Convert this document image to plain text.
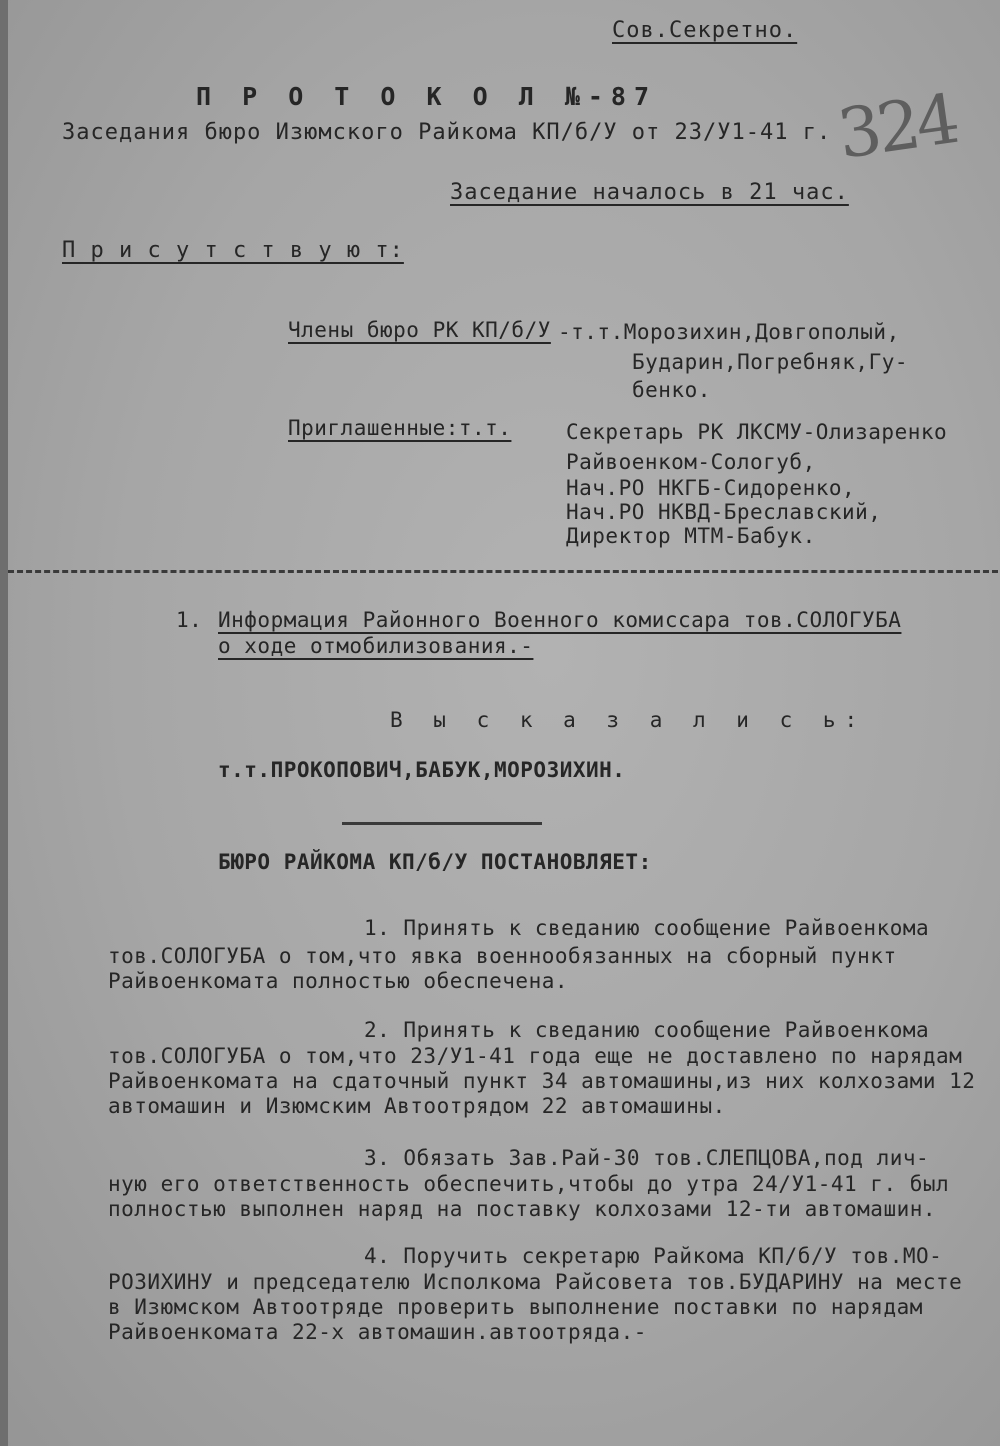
Сов.Секретно.
324
П Р О Т О К О Л №-87
Заседания бюро Изюмского Райкома КП/б/У от 23/У1-41 г.
Заседание началось в 21 час.
П р и с у т с т в у ю т:
Члены бюро РК КП/б/У -т.т.Морозихин,Довгополый,
Бударин,Погребняк,Гу-
бенко.
Приглашенные:т.т.	Секретарь РК ЛКСМУ-Олизаренко
Райвоенком-Сологуб,
Нач.РО НКГБ-Сидоренко,
Нач.РО НКВД-Бреславский,
Директор МТМ-Бабук.
1. Информация Районного Военного комиссара тов.СОЛОГУБА
о ходе отмобилизования.-
В ы с к а з а л и с ь:
т.т.ПРОКОПОВИЧ,БАБУК,МОРОЗИХИН.
БЮРО РАЙКОМА КП/б/У ПОСТАНОВЛЯЕТ:
1. Принять к сведанию сообщение Райвоенкома
тов.СОЛОГУБА о том,что явка военнообязанных на сборный пункт Райвоенкомата полностью обеспечена.
2. Принять к сведанию сообщение Райвоенкома
тов.СОЛОГУБА о том,что 23/У1-41 года еще не доставлено по нарядам Райвоенкомата на сдаточный пункт 34 автомашины,из них колхозами 12 автомашин и Изюмским Автоотрядом 22 автомашины.
3. Обязать Зав.Рай-30 тов.СЛЕПЦОВА,под лич-
ную его ответственность обеспечить,чтобы до утра 24/У1-41 г. был полностью выполнен наряд на поставку колхозами 12-ти автомашин.
4. Поручить секретарю Райкома КП/б/У тов.МО-
РОЗИХИНУ и председателю Исполкома Райсовета тов.БУДАРИНУ на месте в Изюмском Автоотряде проверить выполнение поставки по нарядам Райвоенкомата 22-х автомашин.автоотряда.-
